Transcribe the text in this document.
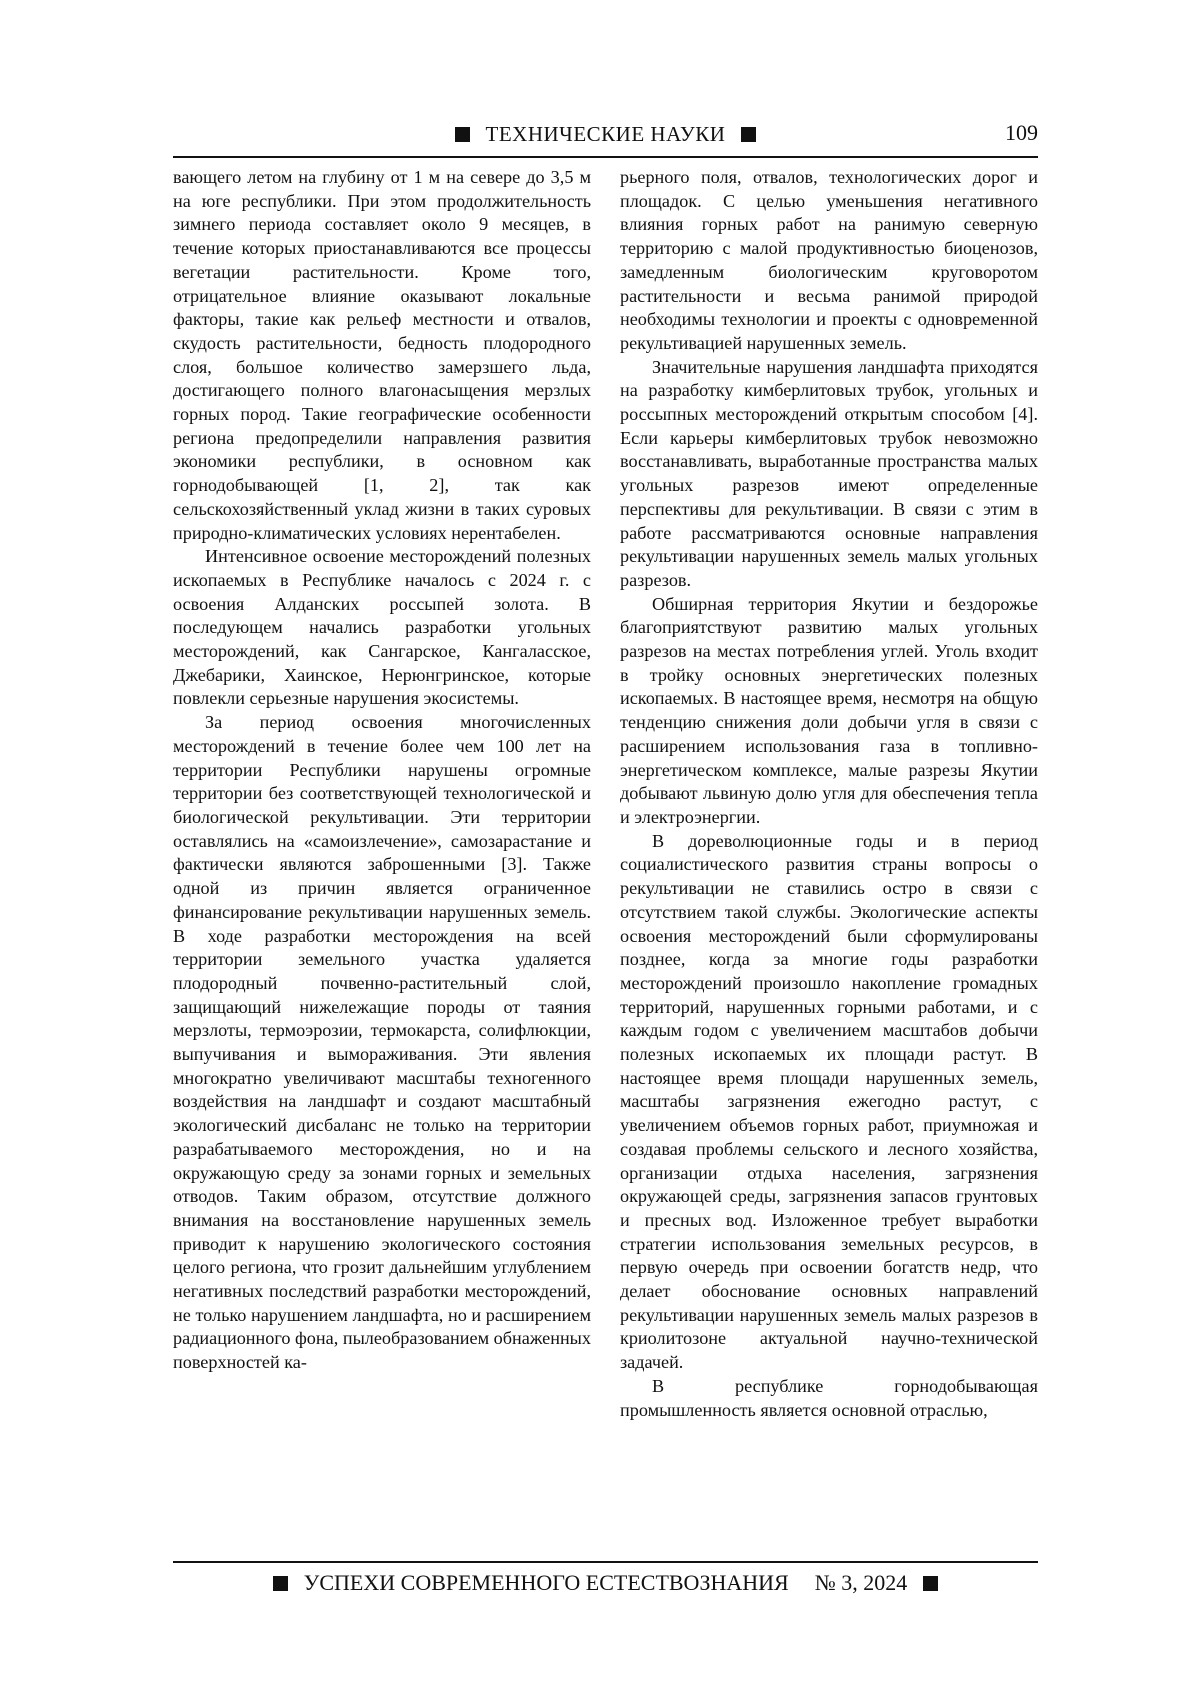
ТЕХНИЧЕСКИЕ НАУКИ	109

вающего летом на глубину от 1 м на севере до 3,5 м на юге республики. При этом продолжительность зимнего периода составляет около 9 месяцев, в течение которых приостанавливаются все процессы вегетации растительности. Кроме того, отрицательное влияние оказывают локальные факторы, такие как рельеф местности и отвалов, скудость растительности, бедность плодородного слоя, большое количество замерзшего льда, достигающего полного влагонасыщения мерзлых горных пород. Такие географические особенности региона предопределили направления развития экономики республики, в основном как горнодобывающей [1, 2], так как сельскохозяйственный уклад жизни в таких суровых природно-климатических условиях нерентабелен.

Интенсивное освоение месторождений полезных ископаемых в Республике началось с 2024 г. с освоения Алданских россыпей золота. В последующем начались разработки угольных месторождений, как Сангарское, Кангаласское, Джебарики, Хаинское, Нерюнгринское, которые повлекли серьезные нарушения экосистемы.

За период освоения многочисленных месторождений в течение более чем 100 лет на территории Республики нарушены огромные территории без соответствующей технологической и биологической рекультивации. Эти территории оставлялись на «самоизлечение», самозарастание и фактически являются заброшенными [3]. Также одной из причин является ограниченное финансирование рекультивации нарушенных земель. В ходе разработки месторождения на всей территории земельного участка удаляется плодородный почвенно-растительный слой, защищающий нижележащие породы от таяния мерзлоты, термоэрозии, термокарста, солифлюкции, выпучивания и вымораживания. Эти явления многократно увеличивают масштабы техногенного воздействия на ландшафт и создают масштабный экологический дисбаланс не только на территории разрабатываемого месторождения, но и на окружающую среду за зонами горных и земельных отводов. Таким образом, отсутствие должного внимания на восстановление нарушенных земель приводит к нарушению экологического состояния целого региона, что грозит дальнейшим углублением негативных последствий разработки месторождений, не только нарушением ландшафта, но и расширением радиационного фона, пылеобразованием обнаженных поверхностей ка-

рьерного поля, отвалов, технологических дорог и площадок. С целью уменьшения негативного влияния горных работ на ранимую северную территорию с малой продуктивностью биоценозов, замедленным биологическим круговоротом растительности и весьма ранимой природой необходимы технологии и проекты с одновременной рекультивацией нарушенных земель.

Значительные нарушения ландшафта приходятся на разработку кимберлитовых трубок, угольных и россыпных месторождений открытым способом [4]. Если карьеры кимберлитовых трубок невозможно восстанавливать, выработанные пространства малых угольных разрезов имеют определенные перспективы для рекультивации. В связи с этим в работе рассматриваются основные направления рекультивации нарушенных земель малых угольных разрезов.

Обширная территория Якутии и бездорожье благоприятствуют развитию малых угольных разрезов на местах потребления углей. Уголь входит в тройку основных энергетических полезных ископаемых. В настоящее время, несмотря на общую тенденцию снижения доли добычи угля в связи с расширением использования газа в топливно-энергетическом комплексе, малые разрезы Якутии добывают львиную долю угля для обеспечения тепла и электроэнергии.

В дореволюционные годы и в период социалистического развития страны вопросы о рекультивации не ставились остро в связи с отсутствием такой службы. Экологические аспекты освоения месторождений были сформулированы позднее, когда за многие годы разработки месторождений произошло накопление громадных территорий, нарушенных горными работами, и с каждым годом с увеличением масштабов добычи полезных ископаемых их площади растут. В настоящее время площади нарушенных земель, масштабы загрязнения ежегодно растут, с увеличением объемов горных работ, приумножая и создавая проблемы сельского и лесного хозяйства, организации отдыха населения, загрязнения окружающей среды, загрязнения запасов грунтовых и пресных вод. Изложенное требует выработки стратегии использования земельных ресурсов, в первую очередь при освоении богатств недр, что делает обоснование основных направлений рекультивации нарушенных земель малых разрезов в криолитозоне актуальной научно-технической задачей.

В республике горнодобывающая промышленность является основной отраслью,

УСПЕХИ СОВРЕМЕННОГО ЕСТЕСТВОЗНАНИЯ № 3, 2024
